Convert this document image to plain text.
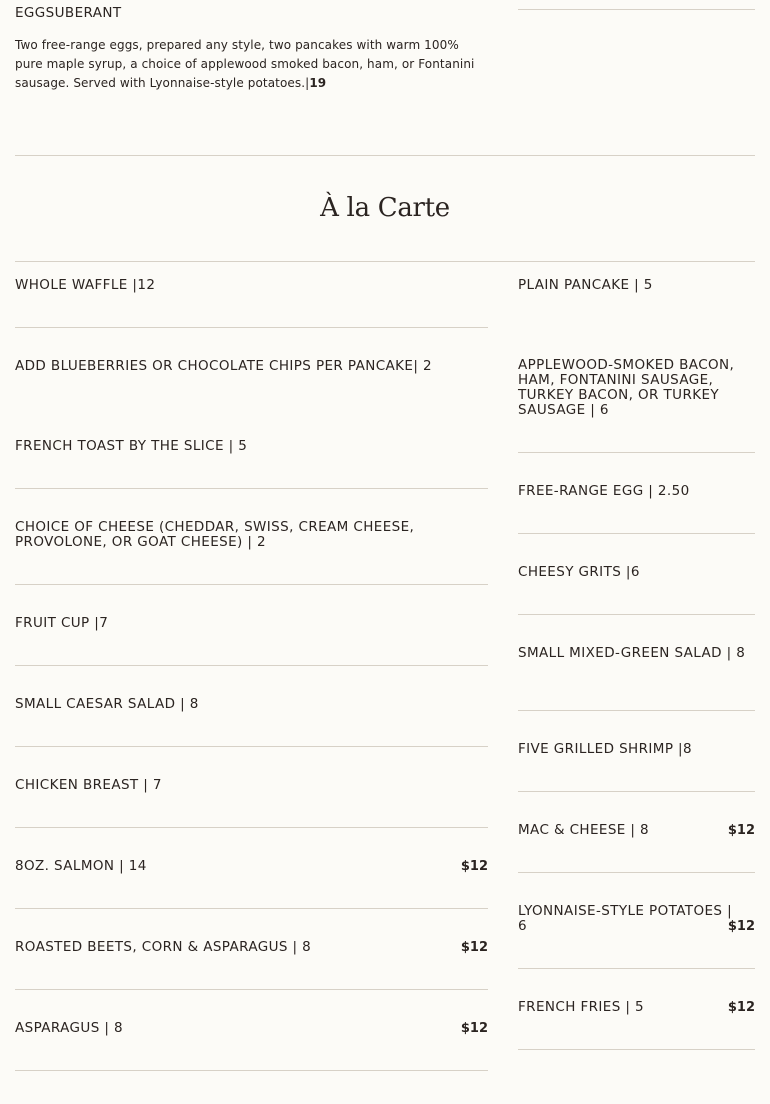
EGGSUBERANT
Two free-range eggs, prepared any style, two pancakes with warm 100% pure maple syrup, a choice of applewood smoked bacon, ham, or Fontanini sausage. Served with Lyonnaise-style potatoes.|19
À la Carte
WHOLE WAFFLE |12
ADD BLUEBERRIES OR CHOCOLATE CHIPS PER PANCAKE| 2
FRENCH TOAST BY THE SLICE | 5
CHOICE OF CHEESE (CHEDDAR, SWISS, CREAM CHEESE, PROVOLONE, OR GOAT CHEESE) | 2
FRUIT CUP |7
SMALL CAESAR SALAD | 8
CHICKEN BREAST | 7
8OZ. SALMON | 14	$12
ROASTED BEETS, CORN & ASPARAGUS | 8	$12
ASPARAGUS | 8	$12
PLAIN PANCAKE | 5
APPLEWOOD-SMOKED BACON, HAM, FONTANINI SAUSAGE, TURKEY BACON, OR TURKEY SAUSAGE | 6
FREE-RANGE EGG | 2.50
CHEESY GRITS |6
SMALL MIXED-GREEN SALAD | 8
FIVE GRILLED SHRIMP |8
MAC & CHEESE | 8	$12
LYONNAISE-STYLE POTATOES | 6	$12
FRENCH FRIES | 5	$12
